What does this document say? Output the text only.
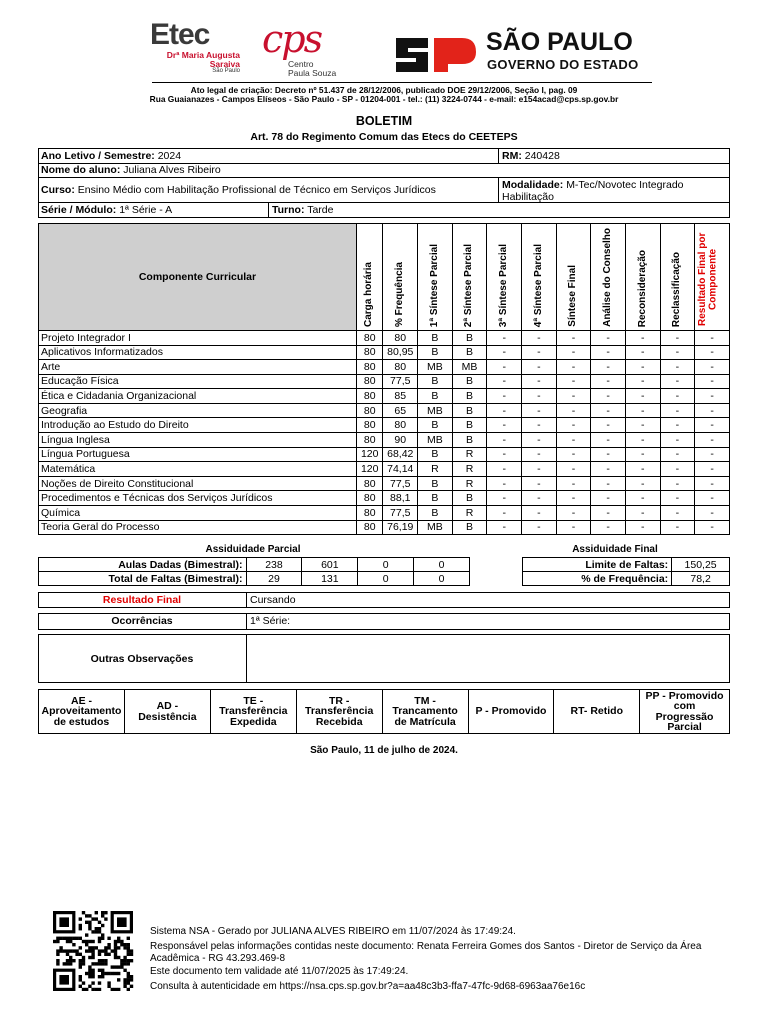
Etec
Drª Maria Augusta
Saraiva
São Paulo
cps
Centro
Paula Souza
SÃO PAULO
GOVERNO DO ESTADO
Ato legal de criação: Decreto nº 51.437 de 28/12/2006, publicado DOE 29/12/2006, Seção I, pag. 09
Rua Guaianazes - Campos Elíseos - São Paulo - SP - 01204-001 - tel.: (11) 3224-0744 - e-mail: e154acad@cps.sp.gov.br
BOLETIM
Art. 78 do Regimento Comum das Etecs do CEETEPS
Ano Letivo / Semestre: 2024	RM: 240428
Nome do aluno: Juliana Alves Ribeiro
Curso: Ensino Médio com Habilitação Profissional de Técnico em Serviços Jurídicos	Modalidade: M-Tec/Novotec Integrado
Habilitação
Série / Módulo: 1ª Série - A	Turno: Tarde
Componente Curricular	Carga horária	% Frequência	1ª Síntese Parcial	2ª Síntese Parcial	3ª Síntese Parcial	4ª Síntese Parcial	Síntese Final	Análise do Conselho	Reconsideração	Reclassificação	Resultado Final por Componente
Projeto Integrador I	80	80	B	B	-	-	-	-	-	-	-
Aplicativos Informatizados	80	80,95	B	B	-	-	-	-	-	-	-
Arte	80	80	MB	MB	-	-	-	-	-	-	-
Educação Física	80	77,5	B	B	-	-	-	-	-	-	-
Ética e Cidadania Organizacional	80	85	B	B	-	-	-	-	-	-	-
Geografia	80	65	MB	B	-	-	-	-	-	-	-
Introdução ao Estudo do Direito	80	80	B	B	-	-	-	-	-	-	-
Língua Inglesa	80	90	MB	B	-	-	-	-	-	-	-
Língua Portuguesa	120	68,42	B	R	-	-	-	-	-	-	-
Matemática	120	74,14	R	R	-	-	-	-	-	-	-
Noções de Direito Constitucional	80	77,5	B	R	-	-	-	-	-	-	-
Procedimentos e Técnicas dos Serviços Jurídicos	80	88,1	B	B	-	-	-	-	-	-	-
Química	80	77,5	B	R	-	-	-	-	-	-	-
Teoria Geral do Processo	80	76,19	MB	B	-	-	-	-	-	-	-
Assiduidade Parcial
Aulas Dadas (Bimestral):	238	601	0	0
Total de Faltas (Bimestral):	29	131	0	0
Assiduidade Final
Limite de Faltas:	150,25
% de Frequência:	78,2
Resultado Final	Cursando
Ocorrências	1ª Série:
Outras Observações
AE -
Aproveitamento
de estudos

AD -
Desistência

TE -
Transferência
Expedida

TR -
Transferência
Recebida

TM -
Trancamento
de Matrícula

P - Promovido	RT- Retido

PP - Promovido
com
Progressão
Parcial
São Paulo, 11 de julho de 2024.
Sistema NSA - Gerado por JULIANA ALVES RIBEIRO em 11/07/2024 às 17:49:24.
Responsável pelas informações contidas neste documento: Renata Ferreira Gomes dos Santos - Diretor de Serviço da Área Acadêmica - RG 43.293.469-8
Este documento tem validade até 11/07/2025 às 17:49:24.
Consulta à autenticidade em https://nsa.cps.sp.gov.br?a=aa48c3b3-ffa7-47fc-9d68-6963aa76e16c
